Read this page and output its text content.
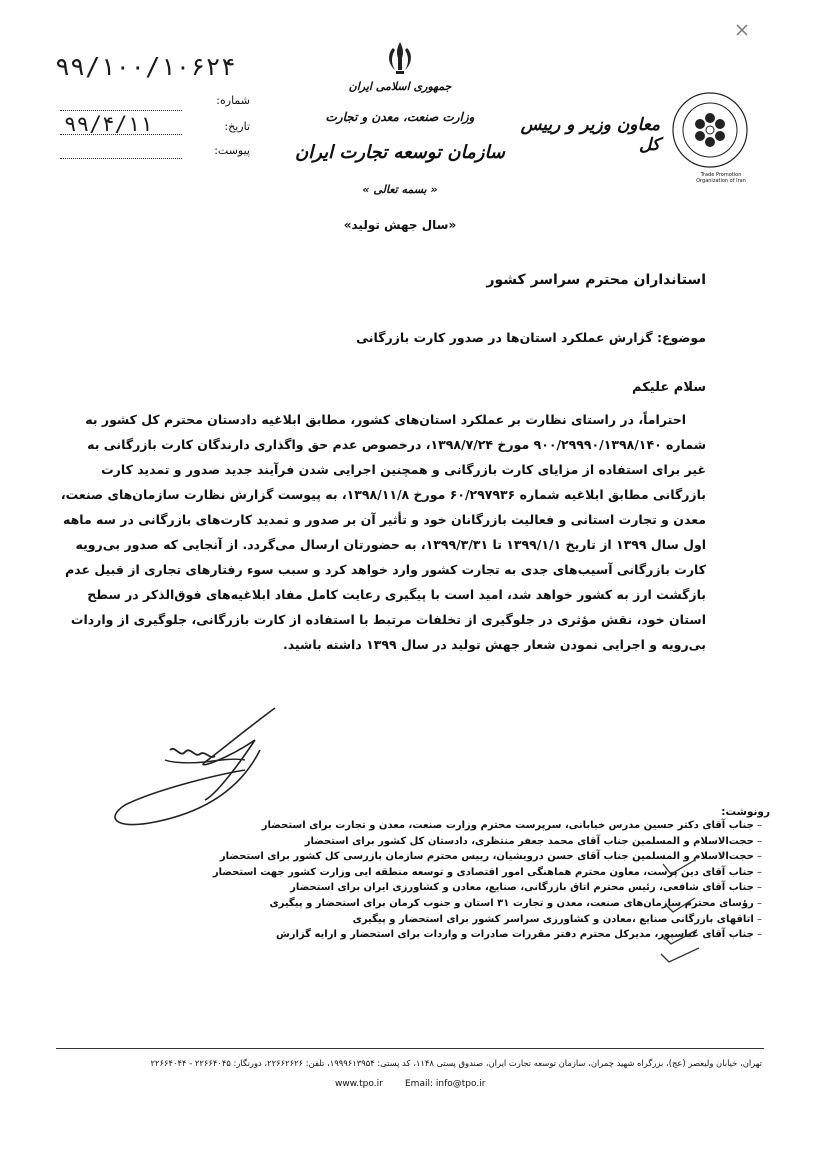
۹۹/۱۰۰/۱۰۶۲۴
شماره:
۹۹/۴/۱۱	تاریخ:
پیوست:
جمهوری اسلامی ایران
وزارت صنعت، معدن و تجارت
سازمان توسعه تجارت ایران
معاون وزیر و رییس کل
Trade Promotion Organization of Iran
« بسمه تعالی »
«سال جهش تولید»
استانداران محترم سراسر کشور
موضوع: گزارش عملکرد استان‌ها در صدور کارت بازرگانی
سلام علیکم
احتراماً، در راستای نظارت بر عملکرد استان‌های کشور، مطابق ابلاغیه دادستان محترم کل کشور به
شماره ۹۰۰/۲۹۹۹۰/۱۳۹۸/۱۴۰ مورخ ۱۳۹۸/۷/۲۴، درخصوص عدم حق واگذاری دارندگان کارت بازرگانی به
غیر برای استفاده از مزایای کارت بازرگانی و همچنین اجرایی شدن فرآیند جدید صدور و تمدید کارت
بازرگانی مطابق ابلاغیه شماره ۶۰/۲۹۷۹۳۶ مورخ ۱۳۹۸/۱۱/۸، به پیوست گزارش نظارت سازمان‌های صنعت،
معدن و تجارت استانی و فعالیت بازرگانان خود و تأثیر آن بر صدور و تمدید کارت‌های بازرگانی در سه ماهه
اول سال ۱۳۹۹ از تاریخ ۱۳۹۹/۱/۱ تا ۱۳۹۹/۳/۳۱، به حضورتان ارسال می‌گردد. از آنجایی که صدور بی‌رویه
کارت بازرگانی آسیب‌های جدی به تجارت کشور وارد خواهد کرد و سبب سوء رفتارهای تجاری از قبیل عدم
بازگشت ارز به کشور خواهد شد، امید است با پیگیری رعایت کامل مفاد ابلاغیه‌های فوق‌الذکر در سطح
استان خود، نقش مؤثری در جلوگیری از تخلفات مرتبط با استفاده از کارت بازرگانی، جلوگیری از واردات
بی‌رویه و اجرایی نمودن شعار جهش تولید در سال ۱۳۹۹ داشته باشید.
رونوشت:
– جناب آقای دکتر حسین مدرس خیابانی، سرپرست محترم وزارت صنعت، معدن و تجارت برای استحضار
– حجت‌الاسلام و المسلمین جناب آقای محمد جعفر منتظری، دادستان کل کشور برای استحضار
– حجت‌الاسلام و المسلمین جناب آقای حسن درویشیان، رییس محترم سازمان بازرسی کل کشور برای استحضار
– جناب آقای دین پرست، معاون محترم هماهنگی امور اقتصادی و توسعه منطقه ایی وزارت کشور جهت استحضار
– جناب آقای شافعی، رئیس محترم اتاق بازرگانی، صنایع، معادن و کشاورزی ایران برای استحضار
– رؤسای محترم سازمان‌های صنعت، معدن و تجارت ۳۱ استان و جنوب کرمان برای استحضار و پیگیری
– اتاقهای بازرگانی صنایع ،معادن و کشاورزی سراسر کشور برای استحضار و پیگیری
– جناب آقای عباسپور، مدیرکل محترم دفتر مقررات صادرات و واردات برای استحضار و ارایه گزارش
تهران، خیابان ولیعصر (عج)، بزرگراه شهید چمران، سازمان توسعه تجارت ایران، صندوق پستی ۱۱۴۸، کد پستی: ۱۹۹۹۶۱۳۹۵۴، تلفن: ۲۲۶۶۲۶۲۶، دورنگار: ۲۲۶۶۴۰۴۵ - ۲۲۶۶۴۰۴۴
www.tpo.ir Email: info@tpo.ir
